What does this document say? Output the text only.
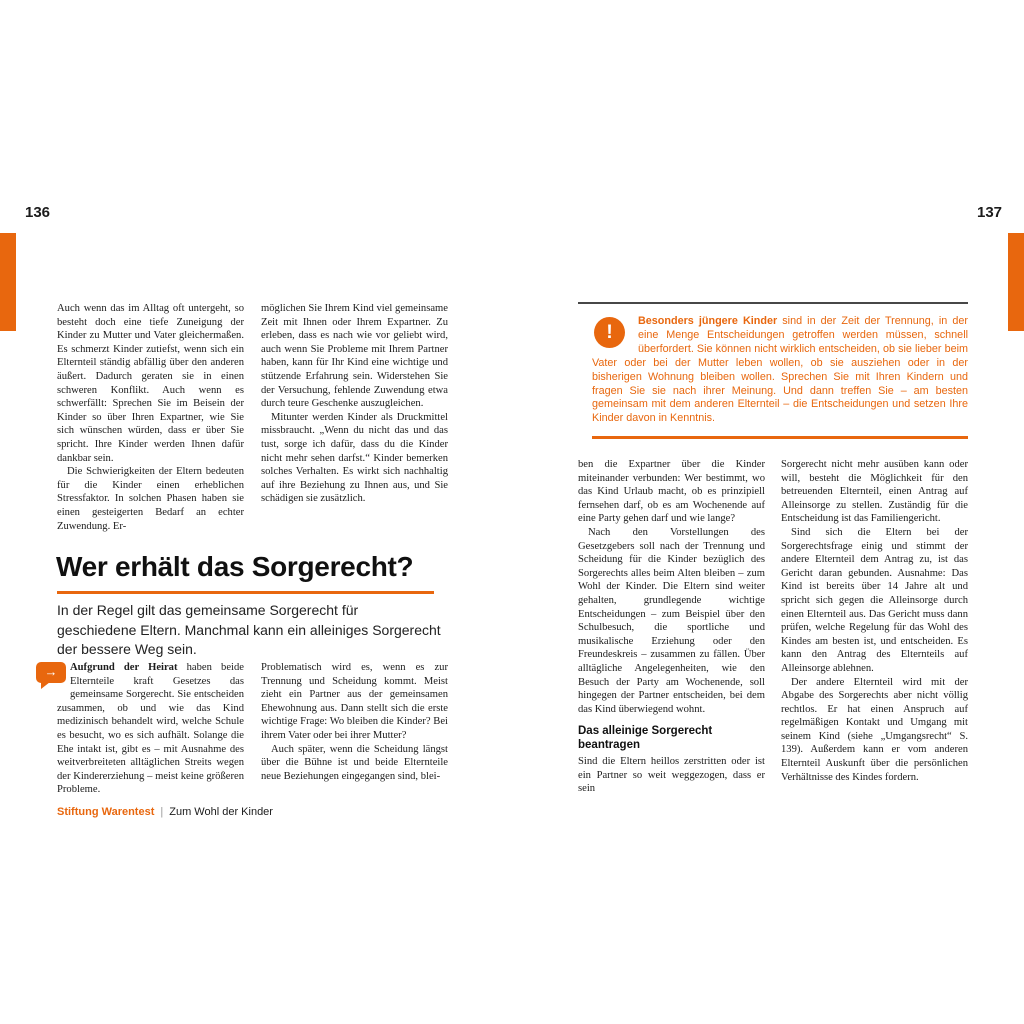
136	137

Auch wenn das im Alltag oft untergeht, so besteht doch eine tiefe Zuneigung der Kinder zu Mutter und Vater gleichermaßen. Es schmerzt Kinder zutiefst, wenn sich ein Elternteil ständig abfällig über den anderen äußert. Dadurch geraten sie in einen schweren Konflikt. Auch wenn es schwerfällt: Sprechen Sie im Beisein der Kinder so über Ihren Expartner, wie Sie sich wünschen würden, dass er über Sie spricht. Ihre Kinder werden Ihnen dafür dankbar sein.

Die Schwierigkeiten der Eltern bedeuten für die Kinder einen erheblichen Stressfaktor. In solchen Phasen haben sie einen gesteigerten Bedarf an echter Zuwendung. Er-

möglichen Sie Ihrem Kind viel gemeinsame Zeit mit Ihnen oder Ihrem Expartner. Zu erleben, dass es nach wie vor geliebt wird, auch wenn Sie Probleme mit Ihrem Partner haben, kann für Ihr Kind eine wichtige und stützende Erfahrung sein. Widerstehen Sie der Versuchung, fehlende Zuwendung etwa durch teure Geschenke auszugleichen.

Mitunter werden Kinder als Druckmittel missbraucht. „Wenn du nicht das und das tust, sorge ich dafür, dass du die Kinder nicht mehr sehen darfst.“ Kinder bemerken solches Verhalten. Es wirkt sich nachhaltig auf ihre Beziehung zu Ihnen aus, und Sie schädigen sie zusätzlich.

Wer erhält das Sorgerecht?
In der Regel gilt das gemeinsame Sorgerecht für geschiedene Eltern. Manchmal kann ein alleiniges Sorgerecht der bessere Weg sein.
→	Aufgrund der Heirat haben beide Elternteile kraft Gesetzes das gemeinsame Sorgerecht. Sie entscheiden zusammen, ob und wie das Kind medizinisch behandelt wird, welche Schule es besucht, wo es sich aufhält. Solange die Ehe intakt ist, gibt es – mit Ausnahme des weitverbreiteten alltäglichen Streits wegen der Kindererziehung – meist keine größeren Probleme.

Problematisch wird es, wenn es zur Trennung und Scheidung kommt. Meist zieht ein Partner aus der gemeinsamen Ehewohnung aus. Dann stellt sich die erste wichtige Frage: Wo bleiben die Kinder? Bei ihrem Vater oder bei ihrer Mutter?

Auch später, wenn die Scheidung längst über die Bühne ist und beide Elternteile neue Beziehungen eingegangen sind, blei-

Stiftung Warentest | Zum Wohl der Kinder
!

Besonders jüngere Kinder sind in der Zeit der Trennung, in der eine Menge Entscheidungen getroffen werden müssen, schnell überfordert. Sie können nicht wirklich entscheiden, ob sie lieber beim Vater oder bei der Mutter leben wollen, ob sie ausziehen oder in der bisherigen Wohnung bleiben wollen. Sprechen Sie mit Ihren Kindern und fragen Sie sie nach ihrer Meinung. Und dann treffen Sie – am besten gemeinsam mit dem anderen Elternteil – die Entscheidungen und setzen Ihre Kinder davon in Kenntnis.

ben die Expartner über die Kinder miteinander verbunden: Wer bestimmt, wo das Kind Urlaub macht, ob es prinzipiell fernsehen darf, ob es am Wochenende auf eine Party gehen darf und wie lange?

Nach den Vorstellungen des Gesetzgebers soll nach der Trennung und Scheidung für die Kinder bezüglich des Sorgerechts alles beim Alten bleiben – zum Wohl der Kinder. Die Eltern sind weiter gehalten, grundlegende wichtige Entscheidungen – zum Beispiel über den Schulbesuch, die sportliche und musikalische Erziehung oder den Freundeskreis – zusammen zu fällen. Über alltägliche Angelegenheiten, wie den Besuch der Party am Wochenende, soll hingegen der Partner entscheiden, bei dem das Kind überwiegend wohnt.

Das alleinige Sorgerecht beantragen

Sind die Eltern heillos zerstritten oder ist ein Partner so weit weggezogen, dass er sein

Sorgerecht nicht mehr ausüben kann oder will, besteht die Möglichkeit für den betreuenden Elternteil, einen Antrag auf Alleinsorge zu stellen. Zuständig für die Entscheidung ist das Familiengericht.

Sind sich die Eltern bei der Sorgerechtsfrage einig und stimmt der andere Elternteil dem Antrag zu, ist das Gericht daran gebunden. Ausnahme: Das Kind ist bereits über 14 Jahre alt und spricht sich gegen die Alleinsorge durch einen Elternteil aus. Das Gericht muss dann prüfen, welche Regelung für das Wohl des Kindes am besten ist, und entscheiden. Es kann den Antrag des Elternteils auf Alleinsorge ablehnen.

Der andere Elternteil wird mit der Abgabe des Sorgerechts aber nicht völlig rechtlos. Er hat einen Anspruch auf regelmäßigen Kontakt und Umgang mit seinem Kind (siehe „Umgangsrecht“ S. 139). Außerdem kann er vom anderen Elternteil Auskunft über die persönlichen Verhältnisse des Kindes fordern.
